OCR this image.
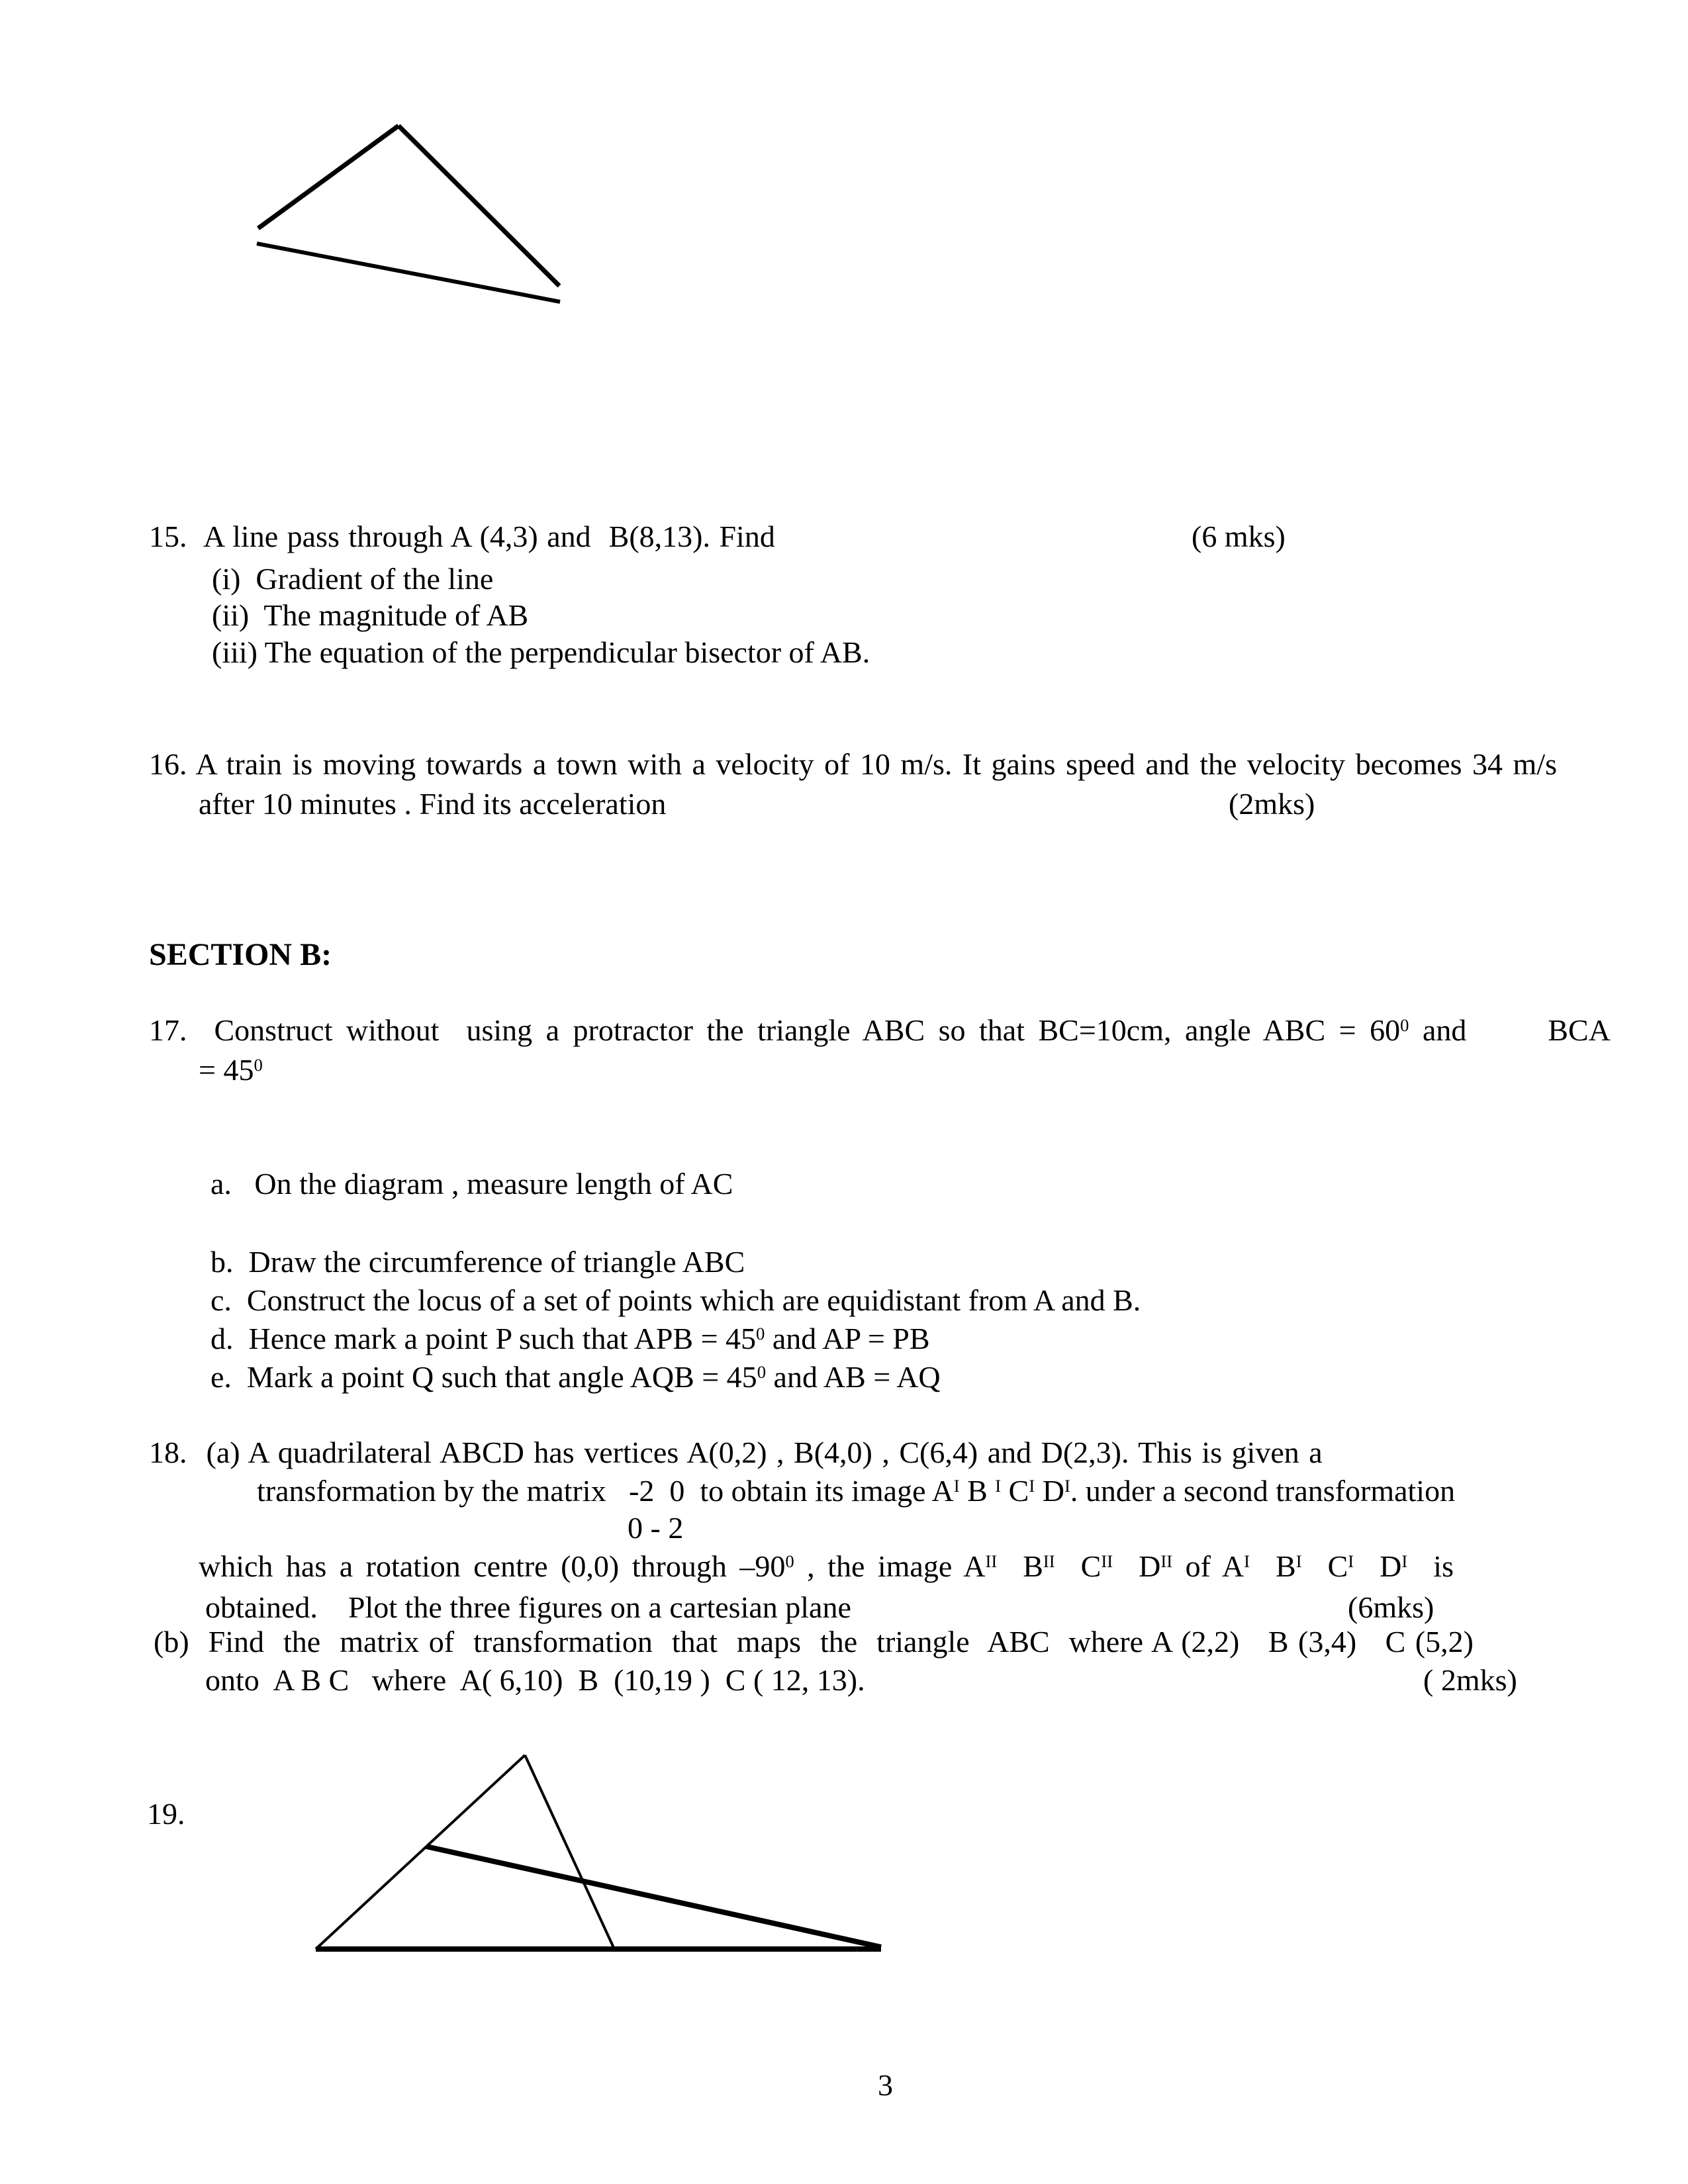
15.  A line pass through A (4,3) and  B(8,13). Find	(6 mks)
(i)  Gradient of the line
(ii)  The magnitude of AB
(iii) The equation of the perpendicular bisector of AB.
16. A train is moving towards a town with a velocity of 10 m/s. It gains speed and the velocity becomes 34 m/s
after 10 minutes . Find its acceleration	(2mks)
SECTION B:
17.  Construct without  using a protractor the triangle ABC so that BC=10cm, angle ABC = $60^0$ and      BCA
= $45^0$
a.   On the diagram , measure length of AC
b.  Draw the circumference of triangle ABC
c.  Construct the locus of a set of points which are equidistant from A and B.
d.  Hence mark a point P such that APB = $45^0$ and AP = PB
e.  Mark a point Q such that angle AQB = $45^0$ and AB = AQ
18.  (a) A quadrilateral ABCD has vertices A(0,2) , B(4,0) , C(6,4) and D(2,3). This is given a
transformation by the matrix   -2  0  to obtain its image $A^I$ B $^I$ $C^I$ $D^I$. under a second transformation
0 - 2
which has a rotation centre (0,0) through $-90^0$ , the image $A^{II}$  $B^{II}$  $C^{II}$  $D^{II}$ of $A^I$  $B^I$  $C^I$  $D^I$  is
obtained.    Plot the three figures on a cartesian plane	(6mks)
(b)  Find  the  matrix of  transformation  that  maps  the  triangle  ABC  where A (2,2)   B (3,4)   C (5,2)
onto  A B C   where  A( 6,10)  B  (10,19 )  C ( 12, 13).	( 2mks)
19.
3
